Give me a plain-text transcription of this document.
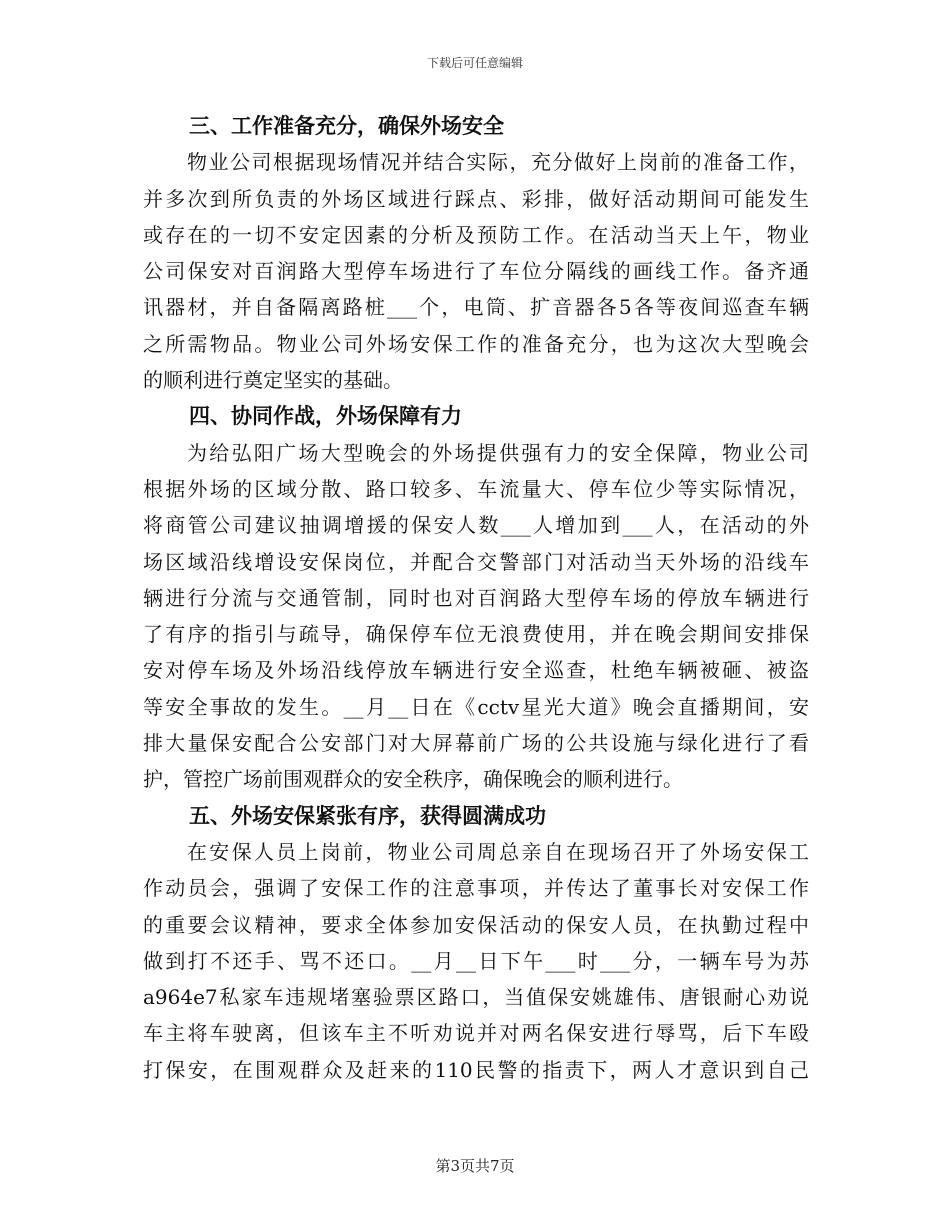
下载后可任意编辑
三、工作准备充分，确保外场安全
物业公司根据现场情况并结合实际，充分做好上岗前的准备工作，
并多次到所负责的外场区域进行踩点、彩排，做好活动期间可能发生
或存在的一切不安定因素的分析及预防工作。在活动当天上午，物业
公司保安对百润路大型停车场进行了车位分隔线的画线工作。备齐通
讯器材，并自备隔离路桩___个，电筒、扩音器各5各等夜间巡查车辆
之所需物品。物业公司外场安保工作的准备充分，也为这次大型晚会
的顺利进行奠定坚实的基础。
四、协同作战，外场保障有力
为给弘阳广场大型晚会的外场提供强有力的安全保障，物业公司
根据外场的区域分散、路口较多、车流量大、停车位少等实际情况，
将商管公司建议抽调增援的保安人数___人增加到___人，在活动的外
场区域沿线增设安保岗位，并配合交警部门对活动当天外场的沿线车
辆进行分流与交通管制，同时也对百润路大型停车场的停放车辆进行
了有序的指引与疏导，确保停车位无浪费使用，并在晚会期间安排保
安对停车场及外场沿线停放车辆进行安全巡查，杜绝车辆被砸、被盗
等安全事故的发生。__月__日在《cctv星光大道》晚会直播期间，安
排大量保安配合公安部门对大屏幕前广场的公共设施与绿化进行了看
护，管控广场前围观群众的安全秩序，确保晚会的顺利进行。
五、外场安保紧张有序，获得圆满成功
在安保人员上岗前，物业公司周总亲自在现场召开了外场安保工
作动员会，强调了安保工作的注意事项，并传达了董事长对安保工作
的重要会议精神，要求全体参加安保活动的保安人员，在执勤过程中
做到打不还手、骂不还口。__月__日下午___时___分，一辆车号为苏
a964e7私家车违规堵塞验票区路口，当值保安姚雄伟、唐银耐心劝说
车主将车驶离，但该车主不听劝说并对两名保安进行辱骂，后下车殴
打保安，在围观群众及赶来的110民警的指责下，两人才意识到自己
第3页共7页
